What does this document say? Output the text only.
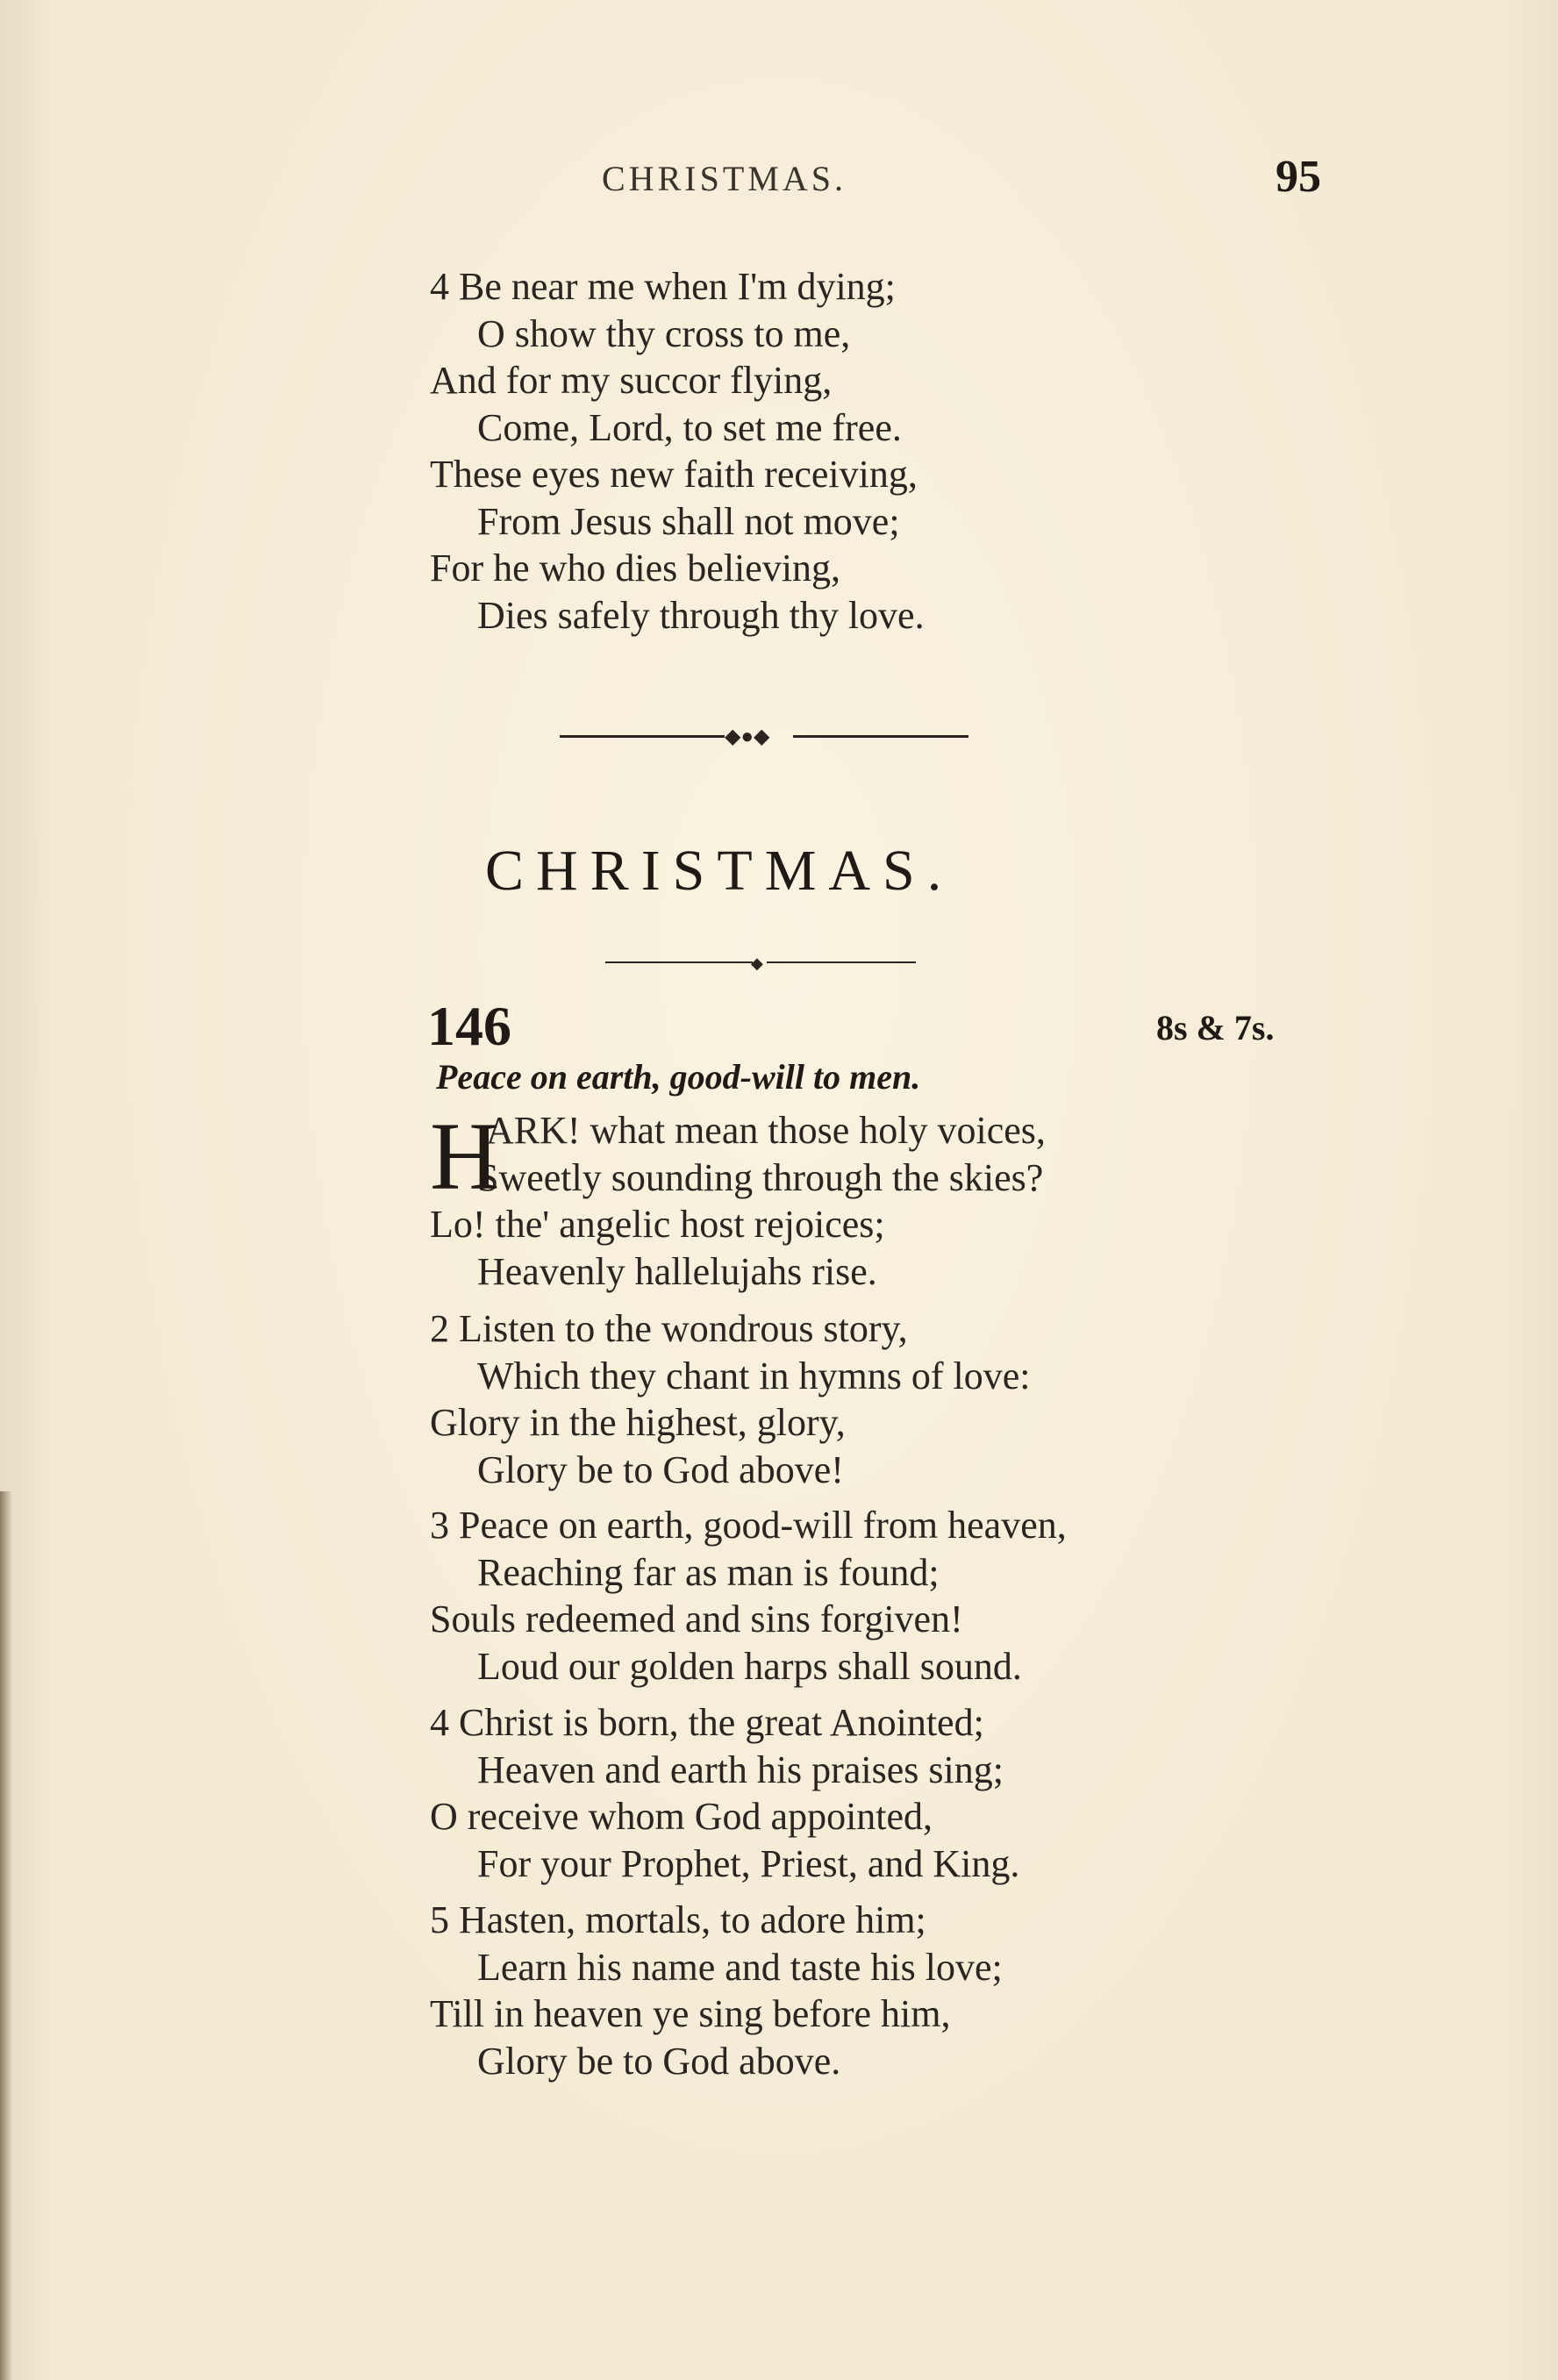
CHRISTMAS.	95
4 Be near me when I'm dying;
O show thy cross to me,
And for my succor flying,
Come, Lord, to set me free.
These eyes new faith receiving,
From Jesus shall not move;
For he who dies believing,
Dies safely through thy love.
◆●◆
CHRISTMAS.
◆
146	8s & 7s.
Peace on earth, good-will to men.
H
ARK! what mean those holy voices,
Sweetly sounding through the skies?
Lo! the' angelic host rejoices;
Heavenly hallelujahs rise.
2 Listen to the wondrous story,
Which they chant in hymns of love:
Glory in the highest, glory,
Glory be to God above!
3 Peace on earth, good-will from heaven,
Reaching far as man is found;
Souls redeemed and sins forgiven!
Loud our golden harps shall sound.
4 Christ is born, the great Anointed;
Heaven and earth his praises sing;
O receive whom God appointed,
For your Prophet, Priest, and King.
5 Hasten, mortals, to adore him;
Learn his name and taste his love;
Till in heaven ye sing before him,
Glory be to God above.
